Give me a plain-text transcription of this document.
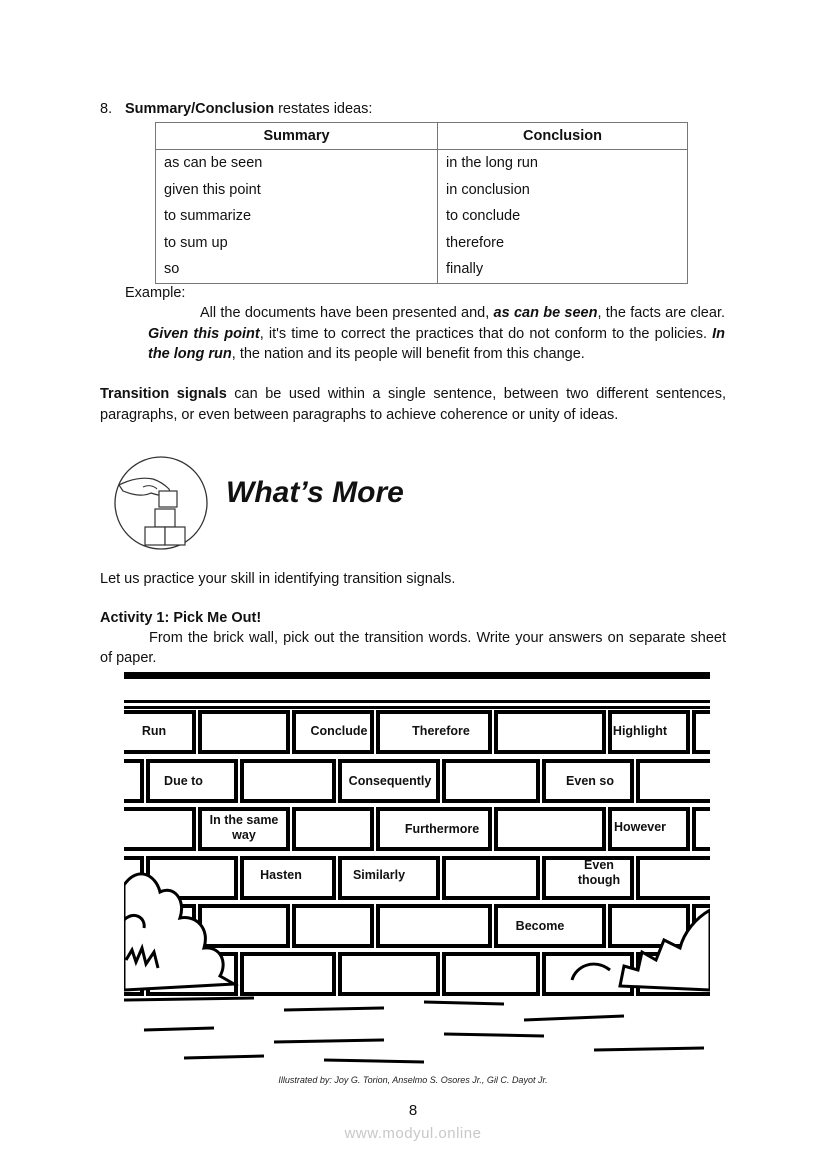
8. Summary/Conclusion restates ideas:
Summary	Conclusion
as can be seen	in the long run
given this point	in conclusion
to summarize	to conclude
to sum up	therefore
so	finally
Example:
All the documents have been presented and, as can be seen, the facts are clear. Given this point, it's time to correct the practices that do not conform to the policies. In the long run, the nation and its people will benefit from this change.
Transition signals can be used within a single sentence, between two different sentences, paragraphs, or even between paragraphs to achieve coherence or unity of ideas.
What’s More
Let us practice your skill in identifying transition signals.
Activity 1: Pick Me Out!
From the brick wall, pick out the transition words. Write your answers on separate sheet of paper.
Run	Conclude	Therefore	Highlight
Due to	Consequently	Even so
In the same way	Furthermore	However
Hasten	Similarly
Even though
Become
Illustrated by: Joy G. Torion, Anselmo S. Osores Jr., Gil C. Dayot Jr.
8
www.modyul.online
